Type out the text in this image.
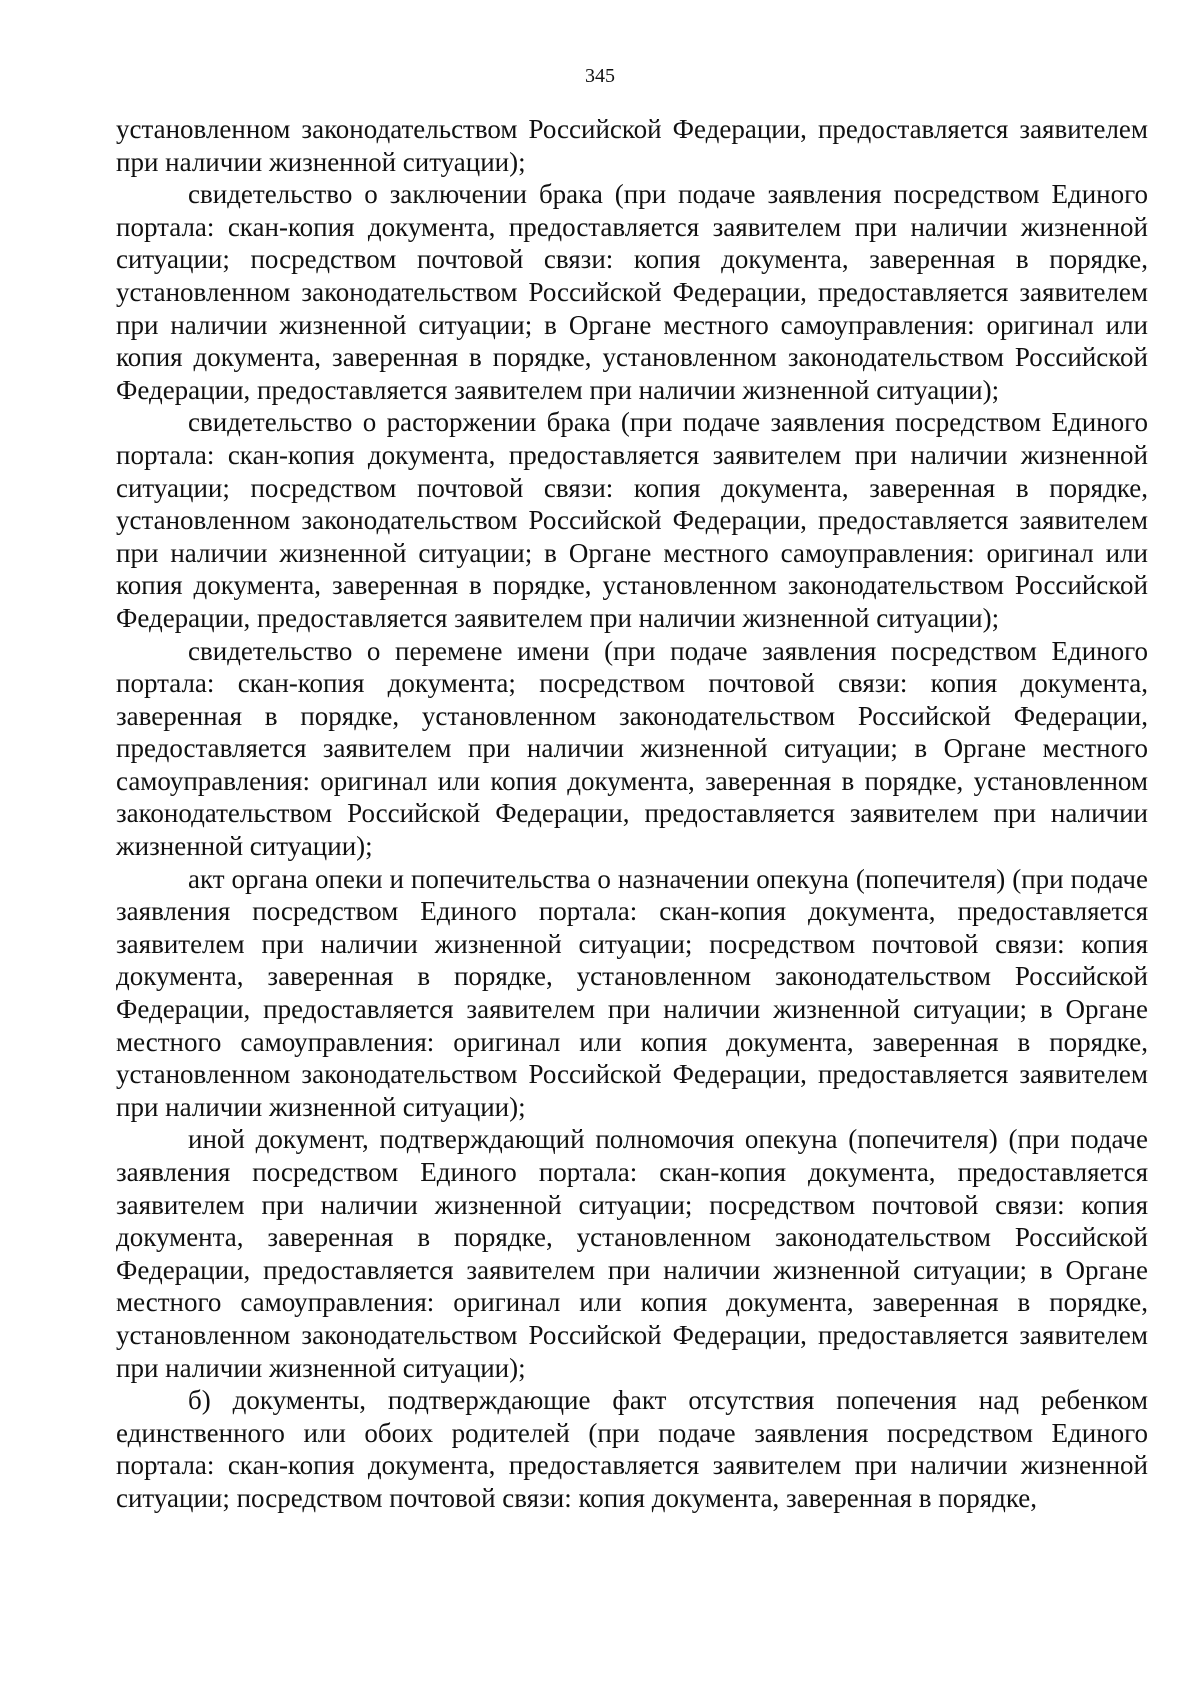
345

установленном законодательством Российской Федерации, предоставляется заявителем при наличии жизненной ситуации);

свидетельство о заключении брака (при подаче заявления посредством Единого портала: скан-копия документа, предоставляется заявителем при наличии жизненной ситуации; посредством почтовой связи: копия документа, заверенная в порядке, установленном законодательством Российской Федерации, предоставляется заявителем при наличии жизненной ситуации; в Органе местного самоуправления: оригинал или копия документа, заверенная в порядке, установленном законодательством Российской Федерации, предоставляется заявителем при наличии жизненной ситуации);

свидетельство о расторжении брака (при подаче заявления посредством Единого портала: скан-копия документа, предоставляется заявителем при наличии жизненной ситуации; посредством почтовой связи: копия документа, заверенная в порядке, установленном законодательством Российской Федерации, предоставляется заявителем при наличии жизненной ситуации; в Органе местного самоуправления: оригинал или копия документа, заверенная в порядке, установленном законодательством Российской Федерации, предоставляется заявителем при наличии жизненной ситуации);

свидетельство о перемене имени (при подаче заявления посредством Единого портала: скан-копия документа; посредством почтовой связи: копия документа, заверенная в порядке, установленном законодательством Российской Федерации, предоставляется заявителем при наличии жизненной ситуации; в Органе местного самоуправления: оригинал или копия документа, заверенная в порядке, установленном законодательством Российской Федерации, предоставляется заявителем при наличии жизненной ситуации);

акт органа опеки и попечительства о назначении опекуна (попечителя) (при подаче заявления посредством Единого портала: скан-копия документа, предоставляется заявителем при наличии жизненной ситуации; посредством почтовой связи: копия документа, заверенная в порядке, установленном законодательством Российской Федерации, предоставляется заявителем при наличии жизненной ситуации; в Органе местного самоуправления: оригинал или копия документа, заверенная в порядке, установленном законодательством Российской Федерации, предоставляется заявителем при наличии жизненной ситуации);

иной документ, подтверждающий полномочия опекуна (попечителя) (при подаче заявления посредством Единого портала: скан-копия документа, предоставляется заявителем при наличии жизненной ситуации; посредством почтовой связи: копия документа, заверенная в порядке, установленном законодательством Российской Федерации, предоставляется заявителем при наличии жизненной ситуации; в Органе местного самоуправления: оригинал или копия документа, заверенная в порядке, установленном законодательством Российской Федерации, предоставляется заявителем при наличии жизненной ситуации);

б) документы, подтверждающие факт отсутствия попечения над ребенком единственного или обоих родителей (при подаче заявления посредством Единого портала: скан-копия документа, предоставляется заявителем при наличии жизненной ситуации; посредством почтовой связи: копия документа, заверенная в порядке,
